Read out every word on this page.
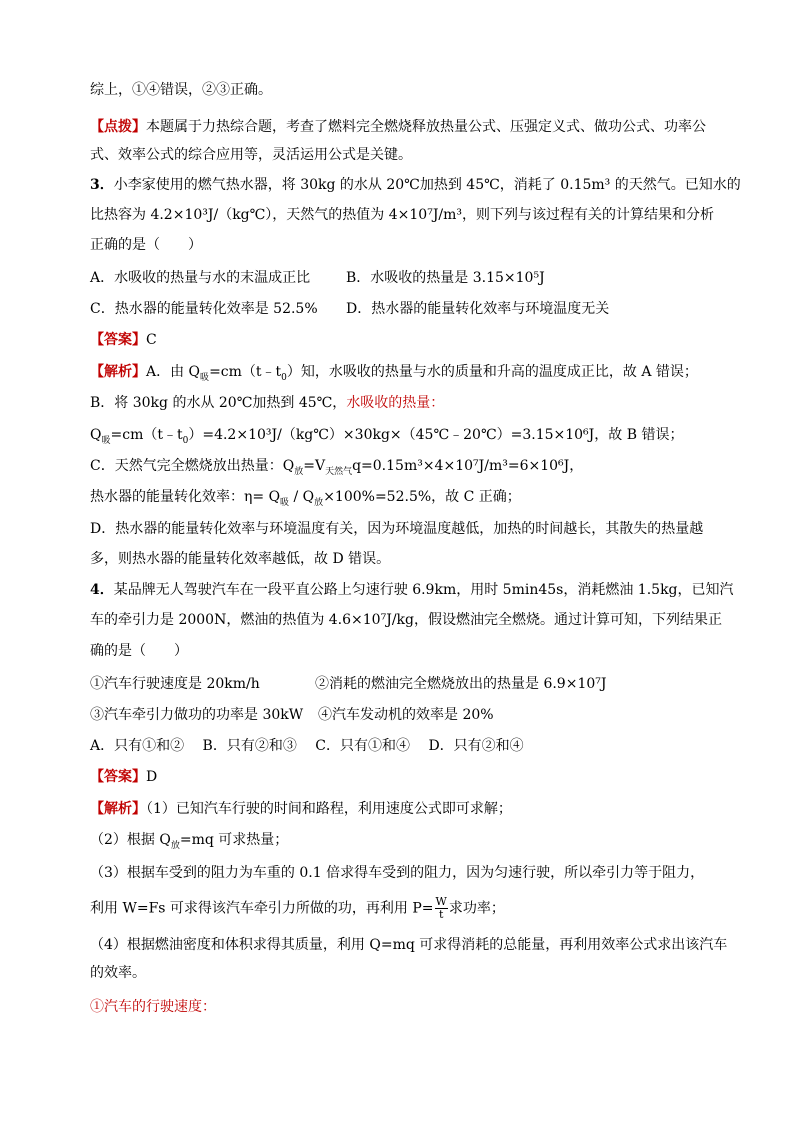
综上，①④错误，②③正确。
【点拨】本题属于力热综合题，考查了燃料完全燃烧释放热量公式、压强定义式、做功公式、功率公
式、效率公式的综合应用等，灵活运用公式是关键。
3．小李家使用的燃气热水器，将 30kg 的水从 20℃加热到 45℃，消耗了 0.15m³ 的天然气。已知水的
比热容为 4.2×10³J/（kg℃），天然气的热值为 4×10⁷J/m³，则下列与该过程有关的计算结果和分析
正确的是（　　）
A．水吸收的热量与水的末温成正比	B．水吸收的热量是 3.15×10⁵J
C．热水器的能量转化效率是 52.5% D．热水器的能量转化效率与环境温度无关
【答案】C
【解析】A．由 $Q_吸=cm(t﹣t_0)$知，水吸收的热量与水的质量和升高的温度成正比，故 A 错误；
B．将 30kg 的水从 20℃加热到 45℃，水吸收的热量：
$Q_吸=cm(t﹣t_0)=4.2\times 10^3J/(kg℃)\times 30kg\times(45℃﹣20℃)=3.15\times 10^6J$，故 B 错误；
C．天然气完全燃烧放出热量：$Q_放=V_{天然气}q=0.15m^3\times 4\times 10^7J/m^3=6\times 10^6J$，
热水器的能量转化效率：$\eta= Q_吸 / Q_放\times 100\%=52.5\%$，故 C 正确；
D．热水器的能量转化效率与环境温度有关，因为环境温度越低，加热的时间越长，其散失的热量越
多，则热水器的能量转化效率越低，故 D 错误。
4．某品牌无人驾驶汽车在一段平直公路上匀速行驶 6.9km，用时 5min45s，消耗燃油 1.5kg，已知汽
车的牵引力是 2000N，燃油的热值为 4.6×10⁷J/kg，假设燃油完全燃烧。通过计算可知，下列结果正
确的是（　　）
①汽车行驶速度是 20km/h	②消耗的燃油完全燃烧放出的热量是 6.9×10⁷J
③汽车牵引力做功的功率是 30kW ④汽车发动机的效率是 20%
A．只有①和②　 B．只有②和③　 C．只有①和④　 D．只有②和④
【答案】D
【解析】（1）已知汽车行驶的时间和路程，利用速度公式即可求解；
（2）根据 $Q_放=mq$ 可求热量；
（3）根据车受到的阻力为车重的 0.1 倍求得车受到的阻力，因为匀速行驶，所以牵引力等于阻力，
利用 W=Fs 可求得该汽车牵引力所做的功，再利用 $P= \frac{W}{t}$ 求功率；
（4）根据燃油密度和体积求得其质量，利用 Q=mq 可求得消耗的总能量，再利用效率公式求出该汽车
的效率。
①汽车的行驶速度：
